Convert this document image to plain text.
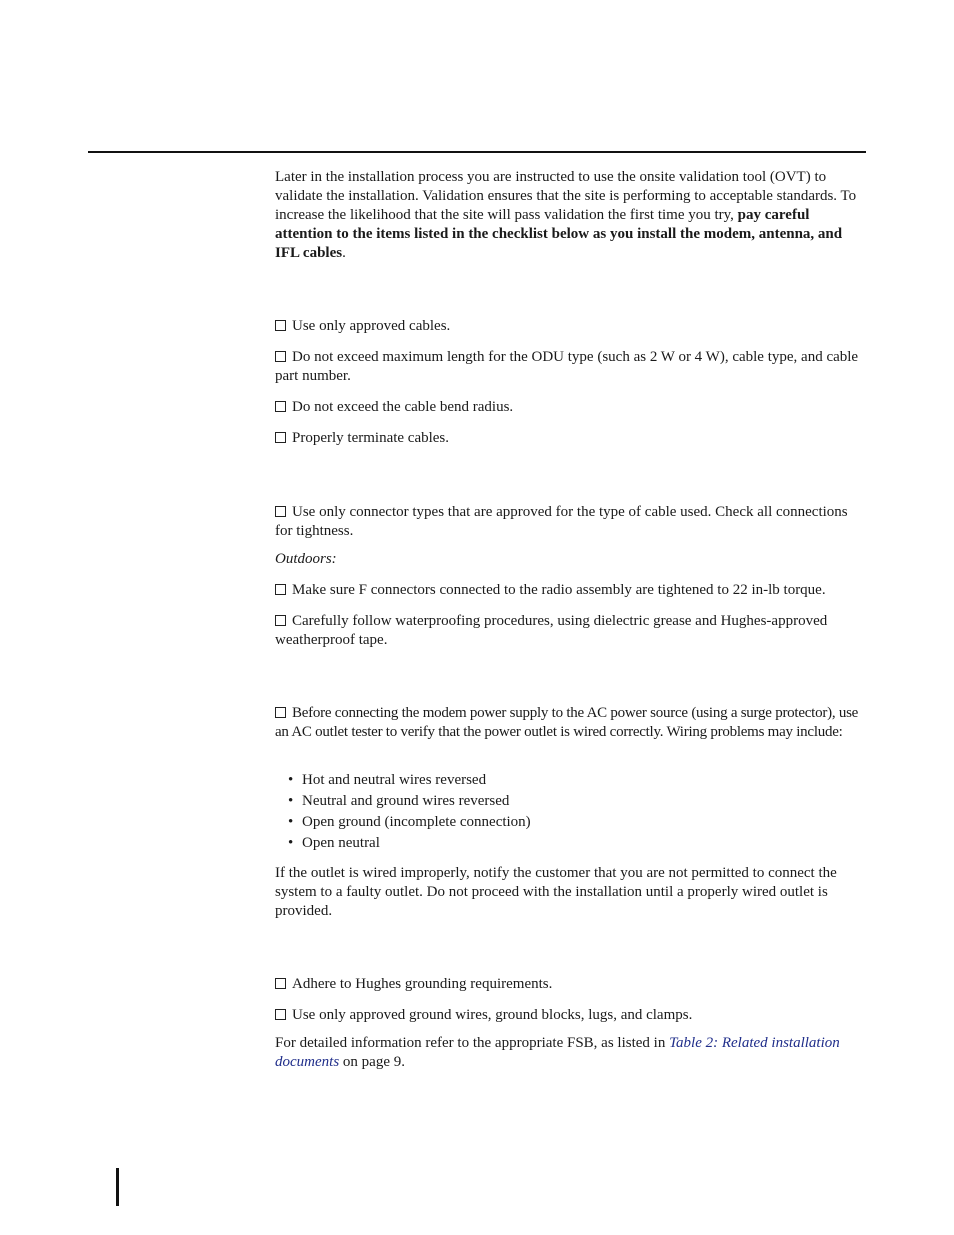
Later in the installation process you are instructed to use the onsite validation tool (OVT) to validate the installation. Validation ensures that the site is performing to acceptable standards. To increase the likelihood that the site will pass validation the first time you try, pay careful attention to the items listed in the checklist below as you install the modem, antenna, and IFL cables.

Use only approved cables.

Do not exceed maximum length for the ODU type (such as 2 W or 4 W), cable type, and cable part number.

Do not exceed the cable bend radius.

Properly terminate cables.

Use only connector types that are approved for the type of cable used. Check all connections for tightness.

Outdoors:

Make sure F connectors connected to the radio assembly are tightened to 22 in-lb torque.

Carefully follow waterproofing procedures, using dielectric grease and Hughes-approved weatherproof tape.

Before connecting the modem power supply to the AC power source (using a surge protector), use an AC outlet tester to verify that the power outlet is wired correctly. Wiring problems may include:

• Hot and neutral wires reversed
• Neutral and ground wires reversed
• Open ground (incomplete connection)
• Open neutral

If the outlet is wired improperly, notify the customer that you are not permitted to connect the system to a faulty outlet. Do not proceed with the installation until a properly wired outlet is provided.

Adhere to Hughes grounding requirements.

Use only approved ground wires, ground blocks, lugs, and clamps.

For detailed information refer to the appropriate FSB, as listed in Table 2: Related installation documents on page 9.
